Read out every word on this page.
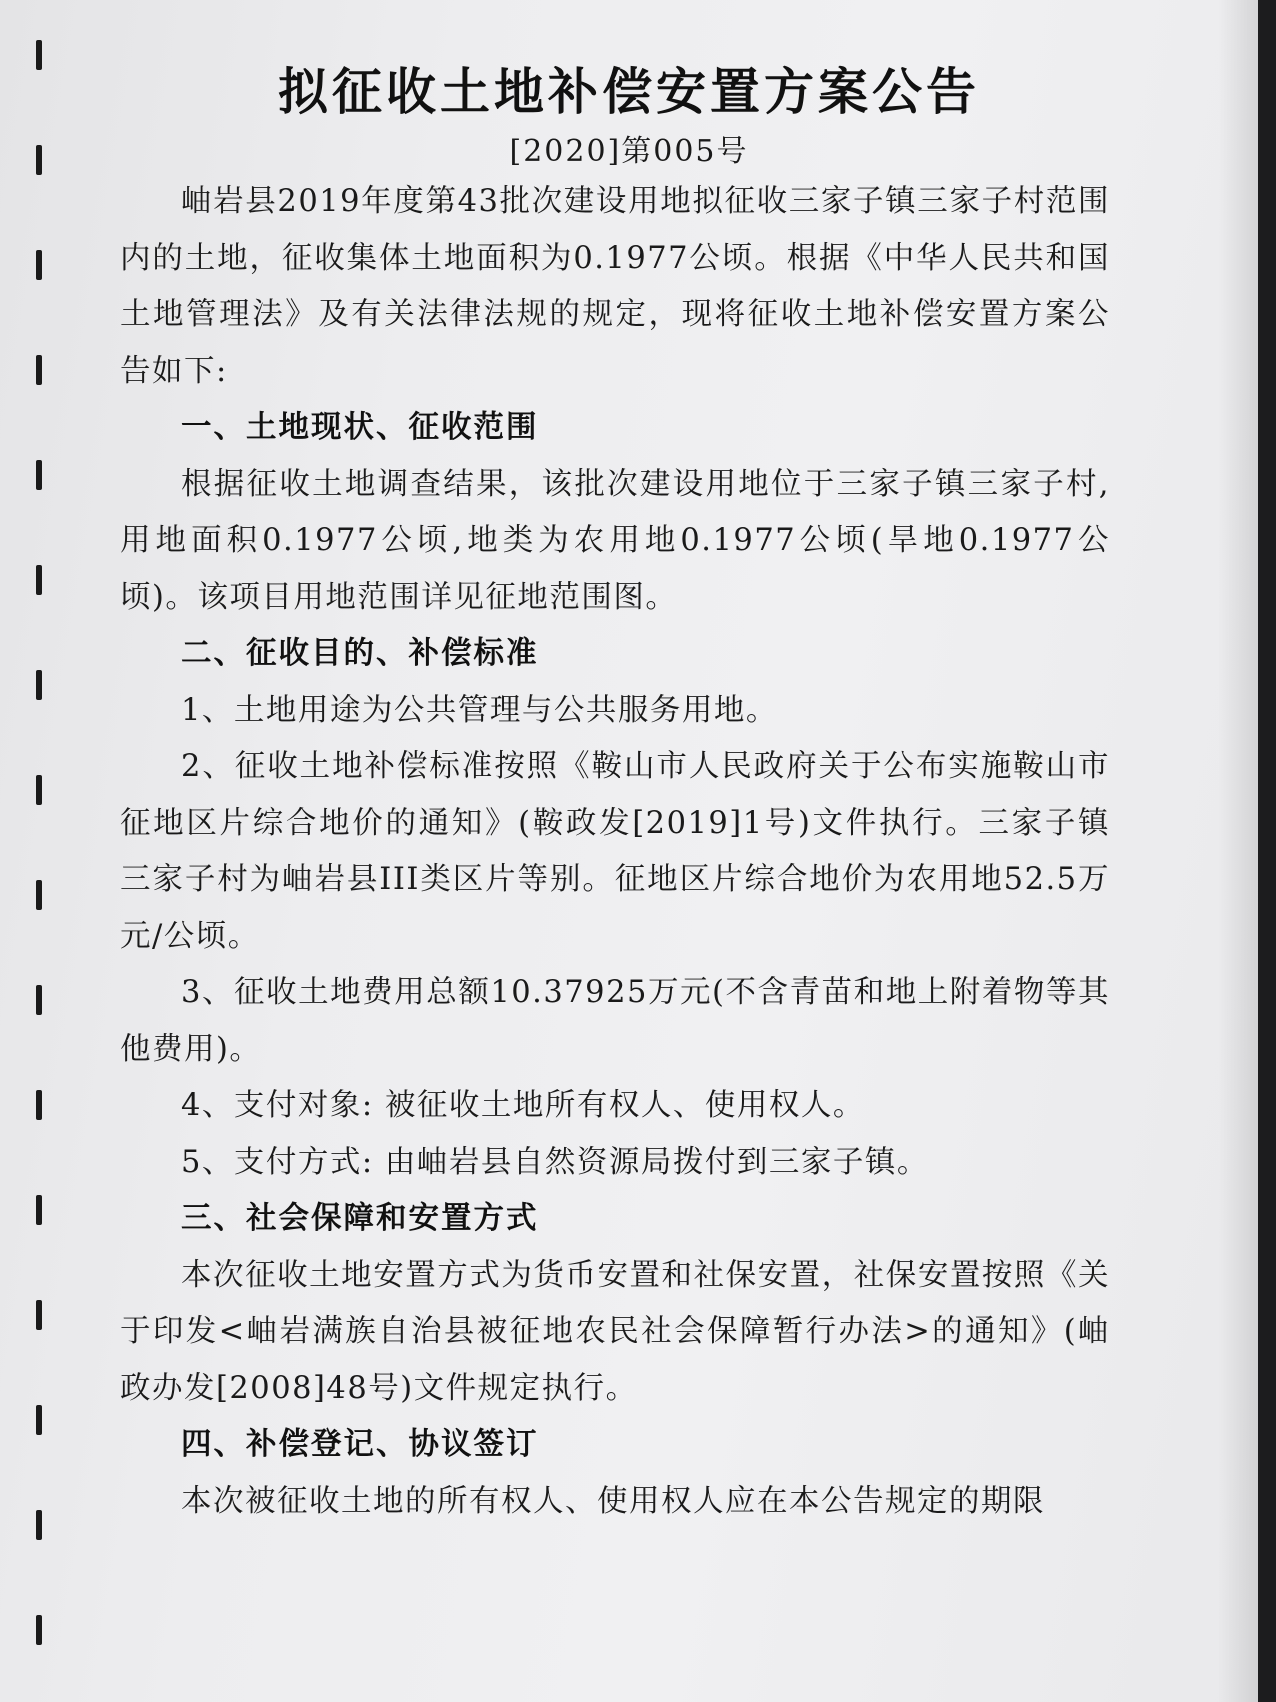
拟征收土地补偿安置方案公告
[2020]第005号

岫岩县2019年度第43批次建设用地拟征收三家子镇三家子村范围内的土地，征收集体土地面积为0.1977公顷。根据《中华人民共和国土地管理法》及有关法律法规的规定，现将征收土地补偿安置方案公告如下:

一、土地现状、征收范围

根据征收土地调查结果，该批次建设用地位于三家子镇三家子村,用地面积0.1977公顷,地类为农用地0.1977公顷(旱地0.1977公顷)。该项目用地范围详见征地范围图。

二、征收目的、补偿标准

1、土地用途为公共管理与公共服务用地。

2、征收土地补偿标准按照《鞍山市人民政府关于公布实施鞍山市征地区片综合地价的通知》(鞍政发[2019]1号)文件执行。三家子镇三家子村为岫岩县III类区片等别。征地区片综合地价为农用地52.5万元/公顷。

3、征收土地费用总额10.37925万元(不含青苗和地上附着物等其他费用)。

4、支付对象: 被征收土地所有权人、使用权人。

5、支付方式: 由岫岩县自然资源局拨付到三家子镇。

三、社会保障和安置方式

本次征收土地安置方式为货币安置和社保安置，社保安置按照《关于印发<岫岩满族自治县被征地农民社会保障暂行办法>的通知》(岫政办发[2008]48号)文件规定执行。

四、补偿登记、协议签订

本次被征收土地的所有权人、使用权人应在本公告规定的期限
